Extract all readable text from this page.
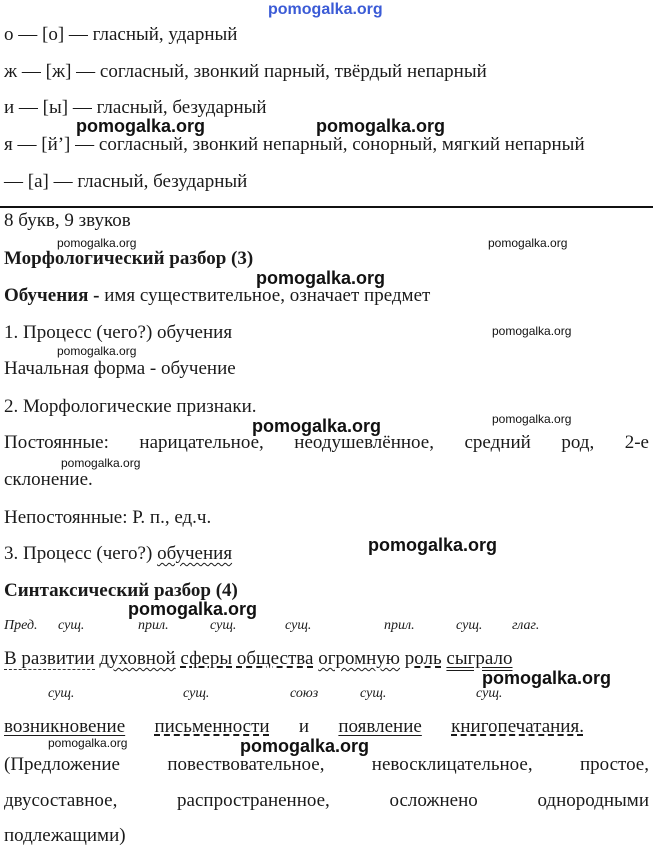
о — [о] — гласный, ударный
ж — [ж] — согласный, звонкий парный, твёрдый непарный
и — [ы] — гласный, безударный
я — [й’] — согласный, звонкий непарный, сонорный, мягкий непарный
— [а] — гласный, безударный
8 букв, 9 звуков
Морфологический разбор (3)
Обучения - имя существительное, означает предмет
1. Процесс (чего?) обучения
Начальная форма - обучение
2. Морфологические признаки.
Постоянные: нарицательное, неодушевлённое, средний род, 2-е
склонение.
Непостоянные: Р. п., ед.ч.
3. Процесс (чего?) обучения
Синтаксический разбор (4)
Пред. сущ.	прил.	сущ.	сущ.	прил.	сущ. глаг.
В развитии духовной сферы общества огромную роль сыграло
сущ.	сущ.	союз	сущ.	сущ.
возникновение письменности и появление книгопечатания.
(Предложение повествовательное, невосклицательное, простое,
двусоставное,	распространенное,	осложнено	однородными
подлежащими)
pomogalka.org
pomogalka.org	pomogalka.org
pomogalka.org	pomogalka.org
pomogalka.org
pomogalka.org
pomogalka.org
pomogalka.org	pomogalka.org
pomogalka.org
pomogalka.org
pomogalka.org
pomogalka.org
pomogalka.org	pomogalka.org
